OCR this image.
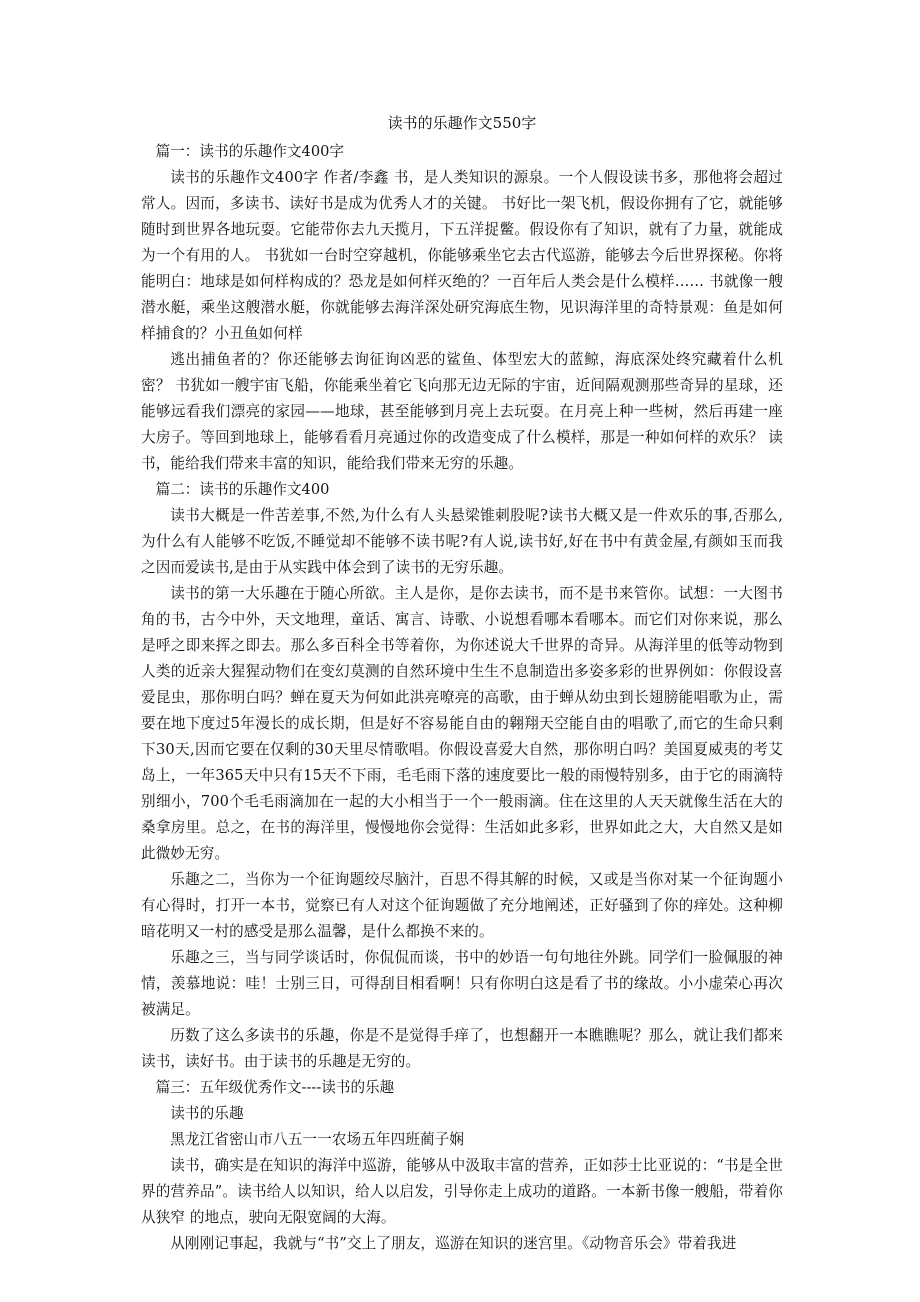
读书的乐趣作文550字
篇一：读书的乐趣作文400字
读书的乐趣作文400字 作者/李鑫 书，是人类知识的源泉。一个人假设读书多，那他将会超过常人。因而，多读书、读好书是成为优秀人才的关键。 书好比一架飞机，假设你拥有了它，就能够随时到世界各地玩耍。它能带你去九天揽月，下五洋捉鳖。假设你有了知识，就有了力量，就能成为一个有用的人。 书犹如一台时空穿越机，你能够乘坐它去古代巡游，能够去今后世界探秘。你将能明白：地球是如何样构成的？恐龙是如何样灭绝的？一百年后人类会是什么模样…… 书就像一艘潜水艇，乘坐这艘潜水艇，你就能够去海洋深处研究海底生物，见识海洋里的奇特景观：鱼是如何样捕食的？小丑鱼如何样
逃出捕鱼者的？你还能够去询征询凶恶的鲨鱼、体型宏大的蓝鲸，海底深处终究藏着什么机密？ 书犹如一艘宇宙飞船，你能乘坐着它飞向那无边无际的宇宙，近间隔观测那些奇异的星球，还能够远看我们漂亮的家园——地球，甚至能够到月亮上去玩耍。在月亮上种一些树，然后再建一座大房子。等回到地球上，能够看看月亮通过你的改造变成了什么模样，那是一种如何样的欢乐？ 读书，能给我们带来丰富的知识，能给我们带来无穷的乐趣。
篇二：读书的乐趣作文400
读书大概是一件苦差事,不然,为什么有人头悬梁锥刺股呢?读书大概又是一件欢乐的事,否那么,为什么有人能够不吃饭,不睡觉却不能够不读书呢?有人说,读书好,好在书中有黄金屋,有颜如玉而我之因而爱读书,是由于从实践中体会到了读书的无穷乐趣。
读书的第一大乐趣在于随心所欲。主人是你，是你去读书，而不是书来管你。试想：一大图书角的书，古今中外，天文地理，童话、寓言、诗歌、小说想看哪本看哪本。而它们对你来说，那么是呼之即来挥之即去。那么多百科全书等着你，为你述说大千世界的奇异。从海洋里的低等动物到人类的近亲大猩猩动物们在变幻莫测的自然环境中生生不息制造出多姿多彩的世界例如：你假设喜爱昆虫，那你明白吗？蝉在夏天为何如此洪亮嘹亮的高歌，由于蝉从幼虫到长翅膀能唱歌为止，需要在地下度过5年漫长的成长期，但是好不容易能自由的翱翔天空能自由的唱歌了,而它的生命只剩下30天,因而它要在仅剩的30天里尽情歌唱。你假设喜爱大自然，那你明白吗？美国夏威夷的考艾岛上，一年365天中只有15天不下雨，毛毛雨下落的速度要比一般的雨慢特别多，由于它的雨滴特别细小，700个毛毛雨滴加在一起的大小相当于一个一般雨滴。住在这里的人天天就像生活在大的桑拿房里。总之，在书的海洋里，慢慢地你会觉得：生活如此多彩，世界如此之大，大自然又是如此微妙无穷。
乐趣之二，当你为一个征询题绞尽脑汁，百思不得其解的时候，又或是当你对某一个征询题小有心得时，打开一本书，觉察已有人对这个征询题做了充分地阐述，正好骚到了你的痒处。这种柳暗花明又一村的感受是那么温馨，是什么都换不来的。
乐趣之三，当与同学谈话时，你侃侃而谈，书中的妙语一句句地往外跳。同学们一脸佩服的神情，羡慕地说：哇！士别三日，可得刮目相看啊！只有你明白这是看了书的缘故。小小虚荣心再次被满足。
历数了这么多读书的乐趣，你是不是觉得手痒了，也想翻开一本瞧瞧呢？那么，就让我们都来读书，读好书。由于读书的乐趣是无穷的。
篇三：五年级优秀作文----读书的乐趣
读书的乐趣
黑龙江省密山市八五一一农场五年四班蔺子娴
读书，确实是在知识的海洋中巡游，能够从中汲取丰富的营养，正如莎士比亚说的：“书是全世界的营养品”。读书给人以知识，给人以启发，引导你走上成功的道路。一本新书像一艘船，带着你从狭窄 的地点，驶向无限宽阔的大海。
从刚刚记事起，我就与“书”交上了朋友，巡游在知识的迷宫里。《动物音乐会》带着我进
